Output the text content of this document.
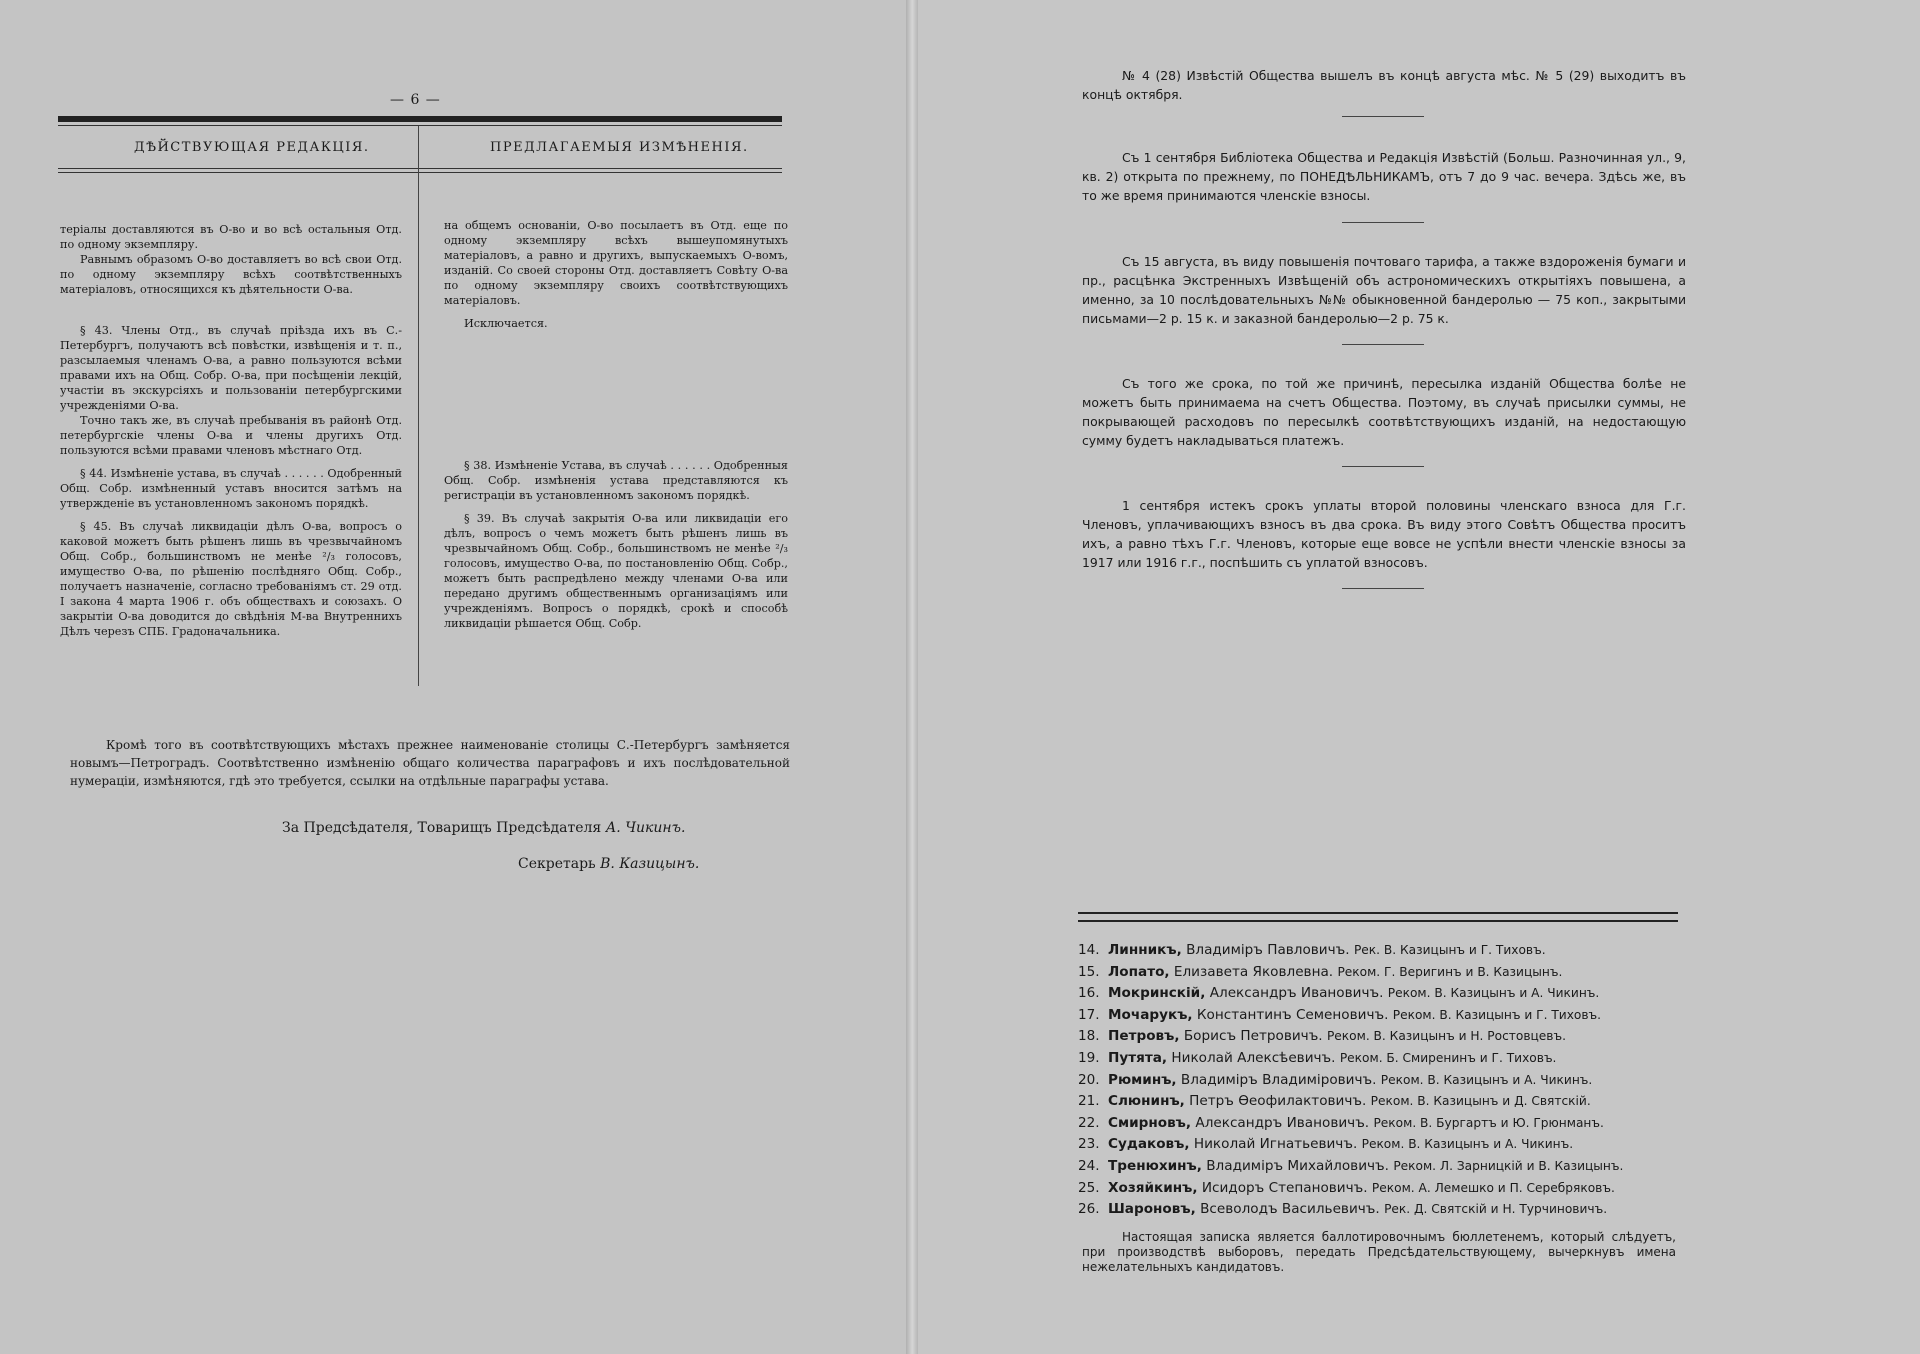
— 6 —
ДѢЙСТВУЮЩАЯ РЕДАКЦІЯ.	ПРЕДЛАГАЕМЫЯ ИЗМѢНЕНІЯ.

теріалы доставляются въ О-во и во всѣ остальныя Отд. по одному экземпляру.

Равнымъ образомъ О-во доставляетъ во всѣ свои Отд. по одному экземпляру всѣхъ соотвѣтственныхъ матеріаловъ, относящихся къ дѣятельности О-ва.

§ 43. Члены Отд., въ случаѣ пріѣзда ихъ въ С.-Петербургъ, получаютъ всѣ повѣстки, извѣщенія и т. п., разсылаемыя членамъ О-ва, а равно пользуются всѣми правами ихъ на Общ. Собр. О-ва, при посѣщеніи лекцій, участіи въ экскурсіяхъ и пользованіи петербургскими учрежденіями О-ва.

Точно такъ же, въ случаѣ пребыванія въ районѣ Отд. петербургскіе члены О-ва и члены другихъ Отд. пользуются всѣми правами членовъ мѣстнаго Отд.

§ 44. Измѣненіе устава, въ случаѣ . . . . . . Одобренный Общ. Собр. измѣненный уставъ вносится затѣмъ на утвержденіе въ установленномъ закономъ порядкѣ.

§ 45. Въ случаѣ ликвидаціи дѣлъ О-ва, вопросъ о каковой можетъ быть рѣшенъ лишь въ чрезвычайномъ Общ. Собр., большинствомъ не менѣе ²/₃ голосовъ, имущество О-ва, по рѣшенію послѣдняго Общ. Собр., получаетъ назначеніе, согласно требованіямъ ст. 29 отд. I закона 4 марта 1906 г. объ обществахъ и союзахъ. О закрытіи О-ва доводится до свѣдѣнія М-ва Внутреннихъ Дѣлъ черезъ СПБ. Градоначальника.

на общемъ основаніи, О-во посылаетъ въ Отд. еще по одному экземпляру всѣхъ вышеупомянутыхъ матеріаловъ, а равно и другихъ, выпускаемыхъ О-вомъ, изданій. Со своей стороны Отд. доставляетъ Совѣту О-ва по одному экземпляру своихъ соотвѣтствующихъ матеріаловъ.

Исключается.

§ 38. Измѣненіе Устава, въ случаѣ . . . . . . Одобренныя Общ. Собр. измѣненія устава представляются къ регистраціи въ установленномъ закономъ порядкѣ.

§ 39. Въ случаѣ закрытія О-ва или ликвидаціи его дѣлъ, вопросъ о чемъ можетъ быть рѣшенъ лишь въ чрезвычайномъ Общ. Собр., большинствомъ не менѣе ²/₃ голосовъ, имущество О-ва, по постановленію Общ. Собр., можетъ быть распредѣлено между членами О-ва или передано другимъ общественнымъ организаціямъ или учрежденіямъ. Вопросъ о порядкѣ, срокѣ и способѣ ликвидаціи рѣшается Общ. Собр.

Кромѣ того въ соотвѣтствующихъ мѣстахъ прежнее наименованіе столицы С.-Петербургъ замѣняется новымъ—Петроградъ. Соотвѣтственно измѣненію общаго количества параграфовъ и ихъ послѣдовательной нумераціи, измѣняются, гдѣ это требуется, ссылки на отдѣльные параграфы устава.

За Предсѣдателя, Товарищъ Предсѣдателя А. Чикинъ.
Секретарь В. Казицынъ.

№ 4 (28) Извѣстій Общества вышелъ въ концѣ августа мѣс. № 5 (29) выходитъ въ концѣ октября.

Съ 1 сентября Библіотека Общества и Редакція Извѣстій (Больш. Разночинная ул., 9, кв. 2) открыта по прежнему, по ПОНЕДѢЛЬНИКАМЪ, отъ 7 до 9 час. вечера. Здѣсь же, въ то же время принимаются членскіе взносы.

Съ 15 августа, въ виду повышенія почтоваго тарифа, а также вздороженія бумаги и пр., расцѣнка Экстренныхъ Извѣщеній объ астрономическихъ открытіяхъ повышена, а именно, за 10 послѣдовательныхъ №№ обыкновенной бандеролью — 75 коп., закрытыми письмами—2 р. 15 к. и заказной бандеролью—2 р. 75 к.

Съ того же срока, по той же причинѣ, пересылка изданій Общества болѣе не можетъ быть принимаема на счетъ Общества. Поэтому, въ случаѣ присылки суммы, не покрывающей расходовъ по пересылкѣ соотвѣтствующихъ изданій, на недостающую сумму будетъ накладываться платежъ.

1 сентября истекъ срокъ уплаты второй половины членскаго взноса для Г.г. Членовъ, уплачивающихъ взносъ въ два срока. Въ виду этого Совѣтъ Общества проситъ ихъ, а равно тѣхъ Г.г. Членовъ, которые еще вовсе не успѣли внести членскіе взносы за 1917 или 1916 г.г., поспѣшить съ уплатой взносовъ.

14. Линникъ, Владиміръ Павловичъ. Рек. В. Казицынъ и Г. Тиховъ.
15. Лопато, Елизавета Яковлевна. Реком. Г. Веригинъ и В. Казицынъ.
16. Мокринскій, Александръ Ивановичъ. Реком. В. Казицынъ и А. Чикинъ.
17. Мочарукъ, Константинъ Семеновичъ. Реком. В. Казицынъ и Г. Тиховъ.
18. Петровъ, Борисъ Петровичъ. Реком. В. Казицынъ и Н. Ростовцевъ.
19. Путята, Николай Алексѣевичъ. Реком. Б. Смиренинъ и Г. Тиховъ.
20. Рюминъ, Владиміръ Владиміровичъ. Реком. В. Казицынъ и А. Чикинъ.
21. Слюнинъ, Петръ Ѳеофилактовичъ. Реком. В. Казицынъ и Д. Святскій.
22. Смирновъ, Александръ Ивановичъ. Реком. В. Бургартъ и Ю. Грюнманъ.
23. Судаковъ, Николай Игнатьевичъ. Реком. В. Казицынъ и А. Чикинъ.
24. Тренюхинъ, Владиміръ Михайловичъ. Реком. Л. Зарницкій и В. Казицынъ.
25. Хозяйкинъ, Исидоръ Степановичъ. Реком. А. Лемешко и П. Серебряковъ.
26. Шароновъ, Всеволодъ Васильевичъ. Рек. Д. Святскій и Н. Турчиновичъ.

Настоящая записка является баллотировочнымъ бюллетенемъ, который слѣдуетъ, при производствѣ выборовъ, передать Предсѣдательствующему, вычеркнувъ имена нежелательныхъ кандидатовъ.
